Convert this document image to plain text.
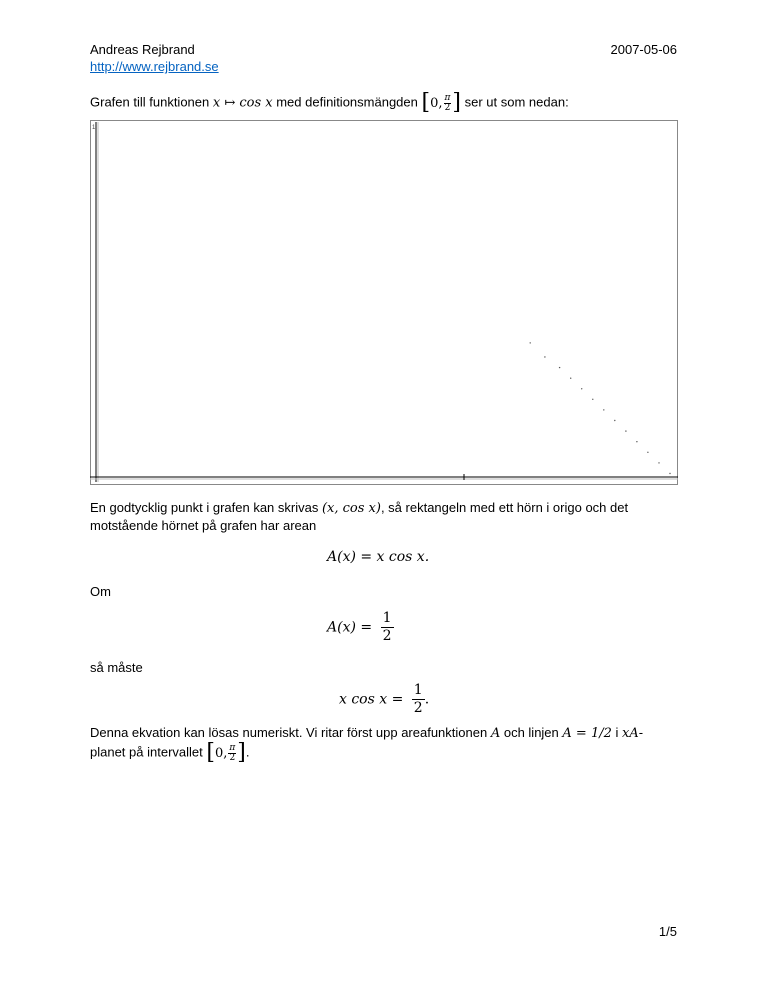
Andreas Rejbrand
http://www.rejbrand.se
2007-05-06
Grafen till funktionen x ↦ cos x med definitionsmängden [ 0, $\frac{\pi}{2}$ ] ser ut som nedan:
1
En godtycklig punkt i grafen kan skrivas (x, cos x), så rektangeln med ett hörn i origo och det
motstående hörnet på grafen har arean
A(x) = x cos x.
Om
$A(x) = \frac{1}{2}$
så måste
x $\cos x = \frac{1}{2}$ .
Denna ekvation kan lösas numeriskt. Vi ritar först upp areafunktionen A och linjen A = 1/2 i xA-
planet på intervallet [ 0, $\frac{\pi}{2}$ ] .
1/5
